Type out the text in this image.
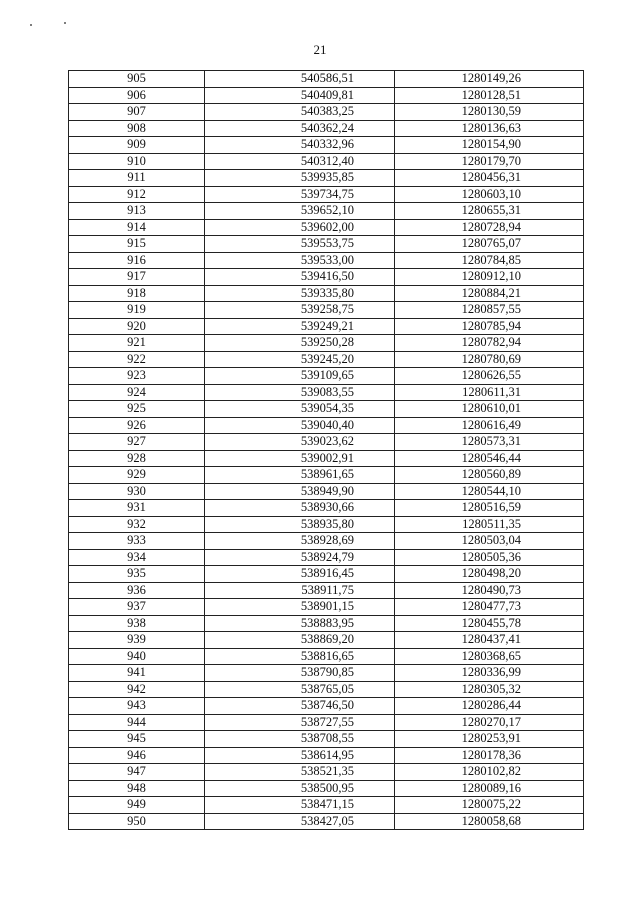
21
905	540586,51	1280149,26
906	540409,81	1280128,51
907	540383,25	1280130,59
908	540362,24	1280136,63
909	540332,96	1280154,90
910	540312,40	1280179,70
911	539935,85	1280456,31
912	539734,75	1280603,10
913	539652,10	1280655,31
914	539602,00	1280728,94
915	539553,75	1280765,07
916	539533,00	1280784,85
917	539416,50	1280912,10
918	539335,80	1280884,21
919	539258,75	1280857,55
920	539249,21	1280785,94
921	539250,28	1280782,94
922	539245,20	1280780,69
923	539109,65	1280626,55
924	539083,55	1280611,31
925	539054,35	1280610,01
926	539040,40	1280616,49
927	539023,62	1280573,31
928	539002,91	1280546,44
929	538961,65	1280560,89
930	538949,90	1280544,10
931	538930,66	1280516,59
932	538935,80	1280511,35
933	538928,69	1280503,04
934	538924,79	1280505,36
935	538916,45	1280498,20
936	538911,75	1280490,73
937	538901,15	1280477,73
938	538883,95	1280455,78
939	538869,20	1280437,41
940	538816,65	1280368,65
941	538790,85	1280336,99
942	538765,05	1280305,32
943	538746,50	1280286,44
944	538727,55	1280270,17
945	538708,55	1280253,91
946	538614,95	1280178,36
947	538521,35	1280102,82
948	538500,95	1280089,16
949	538471,15	1280075,22
950	538427,05	1280058,68
